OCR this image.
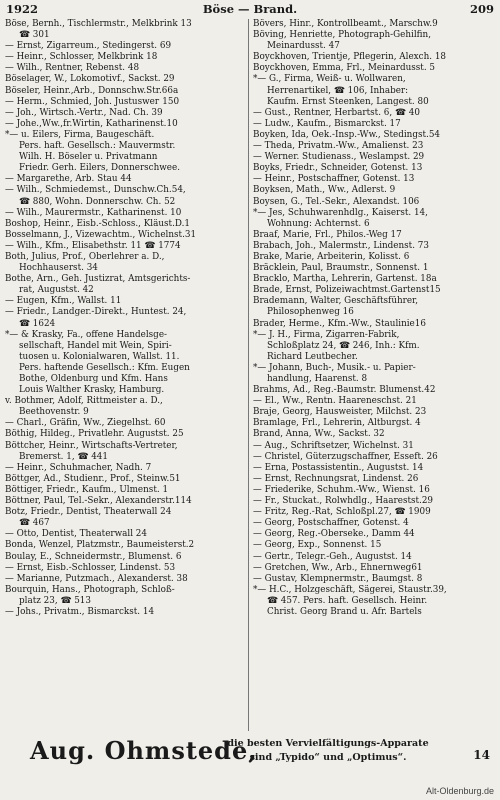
1922	Böse — Brand.	209
Böse, Bernh., Tischlermstr., Melkbrink 13
☎ 301
— Ernst, Zigarreum., Stedingerst. 69
— Heinr., Schlosser, Melkbrink 18
— Wilh., Rentner, Rebenst. 48
Böselager, W., Lokomotivf., Sackst. 29
Böseler, Heinr.,Arb., Donnschw.Str.66a
— Herm., Schmied, Joh. Justuswег 150
— Joh., Wirtsch.-Vertr., Nad. Ch. 39
— Johe.,Ww.,fr.Wirtin, Katharinenst.10
*— u. Eilers, Firma, Baugeschäft.
Pers. haft. Gesellsch.: Mauvermstr.
Wilh. H. Böseler u. Privatmann
Friedr. Gerh. Eilers, Donnerschwee.
— Margarethe, Arb. Stau 44
— Wilh., Schmiedemst., Dunschw.Ch.54,
☎ 880, Wohn. Donnerschw. Ch. 52
— Wilh., Maurermstr., Katharinenst. 10
Boshop, Heinr., Eisb.-Schloss., Kläust.D.1
Bosselmann, J., Vizewachtm., Wichelnst.31
— Wilh., Kfm., Elisabethstr. 11 ☎ 1774
Both, Julius, Prof., Oberlehrer a. D.,
Hochhauserst. 34
Bothe, Arn., Geh. Justizrat, Amtsgerichts-
rat, Augustst. 42
— Eugen, Kfm., Wallst. 11
— Friedr., Landger.-Direkt., Huntest. 24,
☎ 1624
*— & Krasky, Fa., offene Handelsge-
sellschaft, Handel mit Wein, Spiri-
tuosen u. Kolonialwaren, Wallst. 11.
Pers. haftende Gesellsch.: Kfm. Eugen
Bothe, Oldenburg und Kfm. Hans
Louis Walther Krasky, Hamburg.
v. Bothmer, Adolf, Rittmeister a. D.,
Beethovenstr. 9
— Charl., Gräfin, Ww., Ziegelhst. 60
Böthig, Hildeg., Privatlehr. Augustst. 25
Böttcher, Heinr., Wirtschafts-Vertreter,
Bremerst. 1, ☎ 441
— Heinr., Schuhmacher, Nadh. 7
Böttger, Ad., Studienr., Prof., Steinw.51
Böttiger, Friedr., Kaufm., Ulmenst. 1
Böttner, Paul, Tel.-Sekr., Alexanderstr.114
Botz, Friedr., Dentist, Theaterwall 24
☎ 467
— Otto, Dentist, Theaterwall 24
Bonda, Wenzel, Platzmstr., Baumeisterst.2
Boulay, E., Schneidermstr., Blumenst. 6
— Ernst, Eisb.-Schlosser, Lindenst. 53
— Marianne, Putzmach., Alexanderst. 38
Bourquin, Hans., Photograph, Schloß-
platz 23, ☎ 513
— Johs., Privatm., Bismarckst. 14
Bövers, Hinr., Kontrollbeamt., Marschw.9
Böving, Henriette, Photograph-Gehilfin,
Meinardusst. 47
Boyckhoven, Trientje, Pflegerin, Alexch. 18
Boyckhoven, Emma, Frl., Meinardusst. 5
*— G., Firma, Weiß- u. Wollwaren,
Herrenartikel, ☎ 106, Inhaber:
Kaufm. Ernst Steenken, Langest. 80
— Gust., Rentner, Herbartst. 6, ☎ 40
— Ludw., Kaufm., Bismarckst. 17
Boyken, Ida, Oek.-Insp.-Ww., Stedingst.54
— Theda, Privatm.-Ww., Amalienst. 23
— Werner. Studienass., Weslampst. 29
Boyks, Friedr., Schneider, Gotenst. 13
— Heinr., Postschaffner, Gotenst. 13
Boyksen, Math., Ww., Adlerst. 9
Boysen, G., Tel.-Sekr., Alexandst. 106
*— Jes, Schuhwarenhdlg., Kaiserst. 14,
Wohnung: Achternst. 6
Braaf, Marie, Frl., Philos.-Weg 17
Brabach, Joh., Malermstr., Lindenst. 73
Brake, Marie, Arbeiterin, Kolisst. 6
Bräcklein, Paul, Braumstr., Sonnenst. 1
Bracklo, Martha, Lehrerin, Gartenst. 18a
Brade, Ernst, Polizeiwachtmst.Gartenst15
Brademann, Walter, Geschäftsführer,
Philosophenweg 16
Brader, Herme., Kfm.-Ww., Staulinie16
*— J. H., Firma, Zigarren-Fabrik,
Schloßplatz 24, ☎ 246, Inh.: Kfm.
Richard Leutbecher.
*— Johann, Buch-, Musik.- u. Papier-
handlung, Haarenst. 8
Brahms, Ad., Reg.-Baumstr. Blumenst.42
— El., Ww., Rentn. Haareneschst. 21
Braje, Georg, Hausweister, Milchst. 23
Bramlage, Frl., Lehrerin, Altburgst. 4
Brand, Anna, Ww., Sackst. 32
— Aug., Schriftsetzer, Wichelnst. 31
— Christel, Güterzugschaffner, Esseft. 26
— Erna, Postassistentin., Augustst. 14
— Ernst, Rechnungsrat, Lindenst. 26
— Friederike, Schuhm.-Ww., Wienst. 16
— Fr., Stuckat., Rolwhdlg., Haarestst.29
— Fritz, Reg.-Rat, Schloßpl.27, ☎ 1909
— Georg, Postschaffner, Gotenst. 4
— Georg, Reg.-Oberseke., Damm 44
— Georg, Exp., Sonnenst. 15
— Gertr., Telegr.-Geh., Augustst. 14
— Gretchen, Ww., Arb., Ehnernweg61
— Gustav, Klempnermstr., Baumgst. 8
*— H.C., Holzgeschäft, Sägerei, Staustr.39,
☎ 457. Pers. haft. Gesellsch. Heinr.
Christ. Georg Brand u. Afr. Bartels
Aug. Ohmstede,
die besten Vervielfältigungs-Apparate
sind „Typido“ und „Optimus“.	14
Alt-Oldenburg.de
